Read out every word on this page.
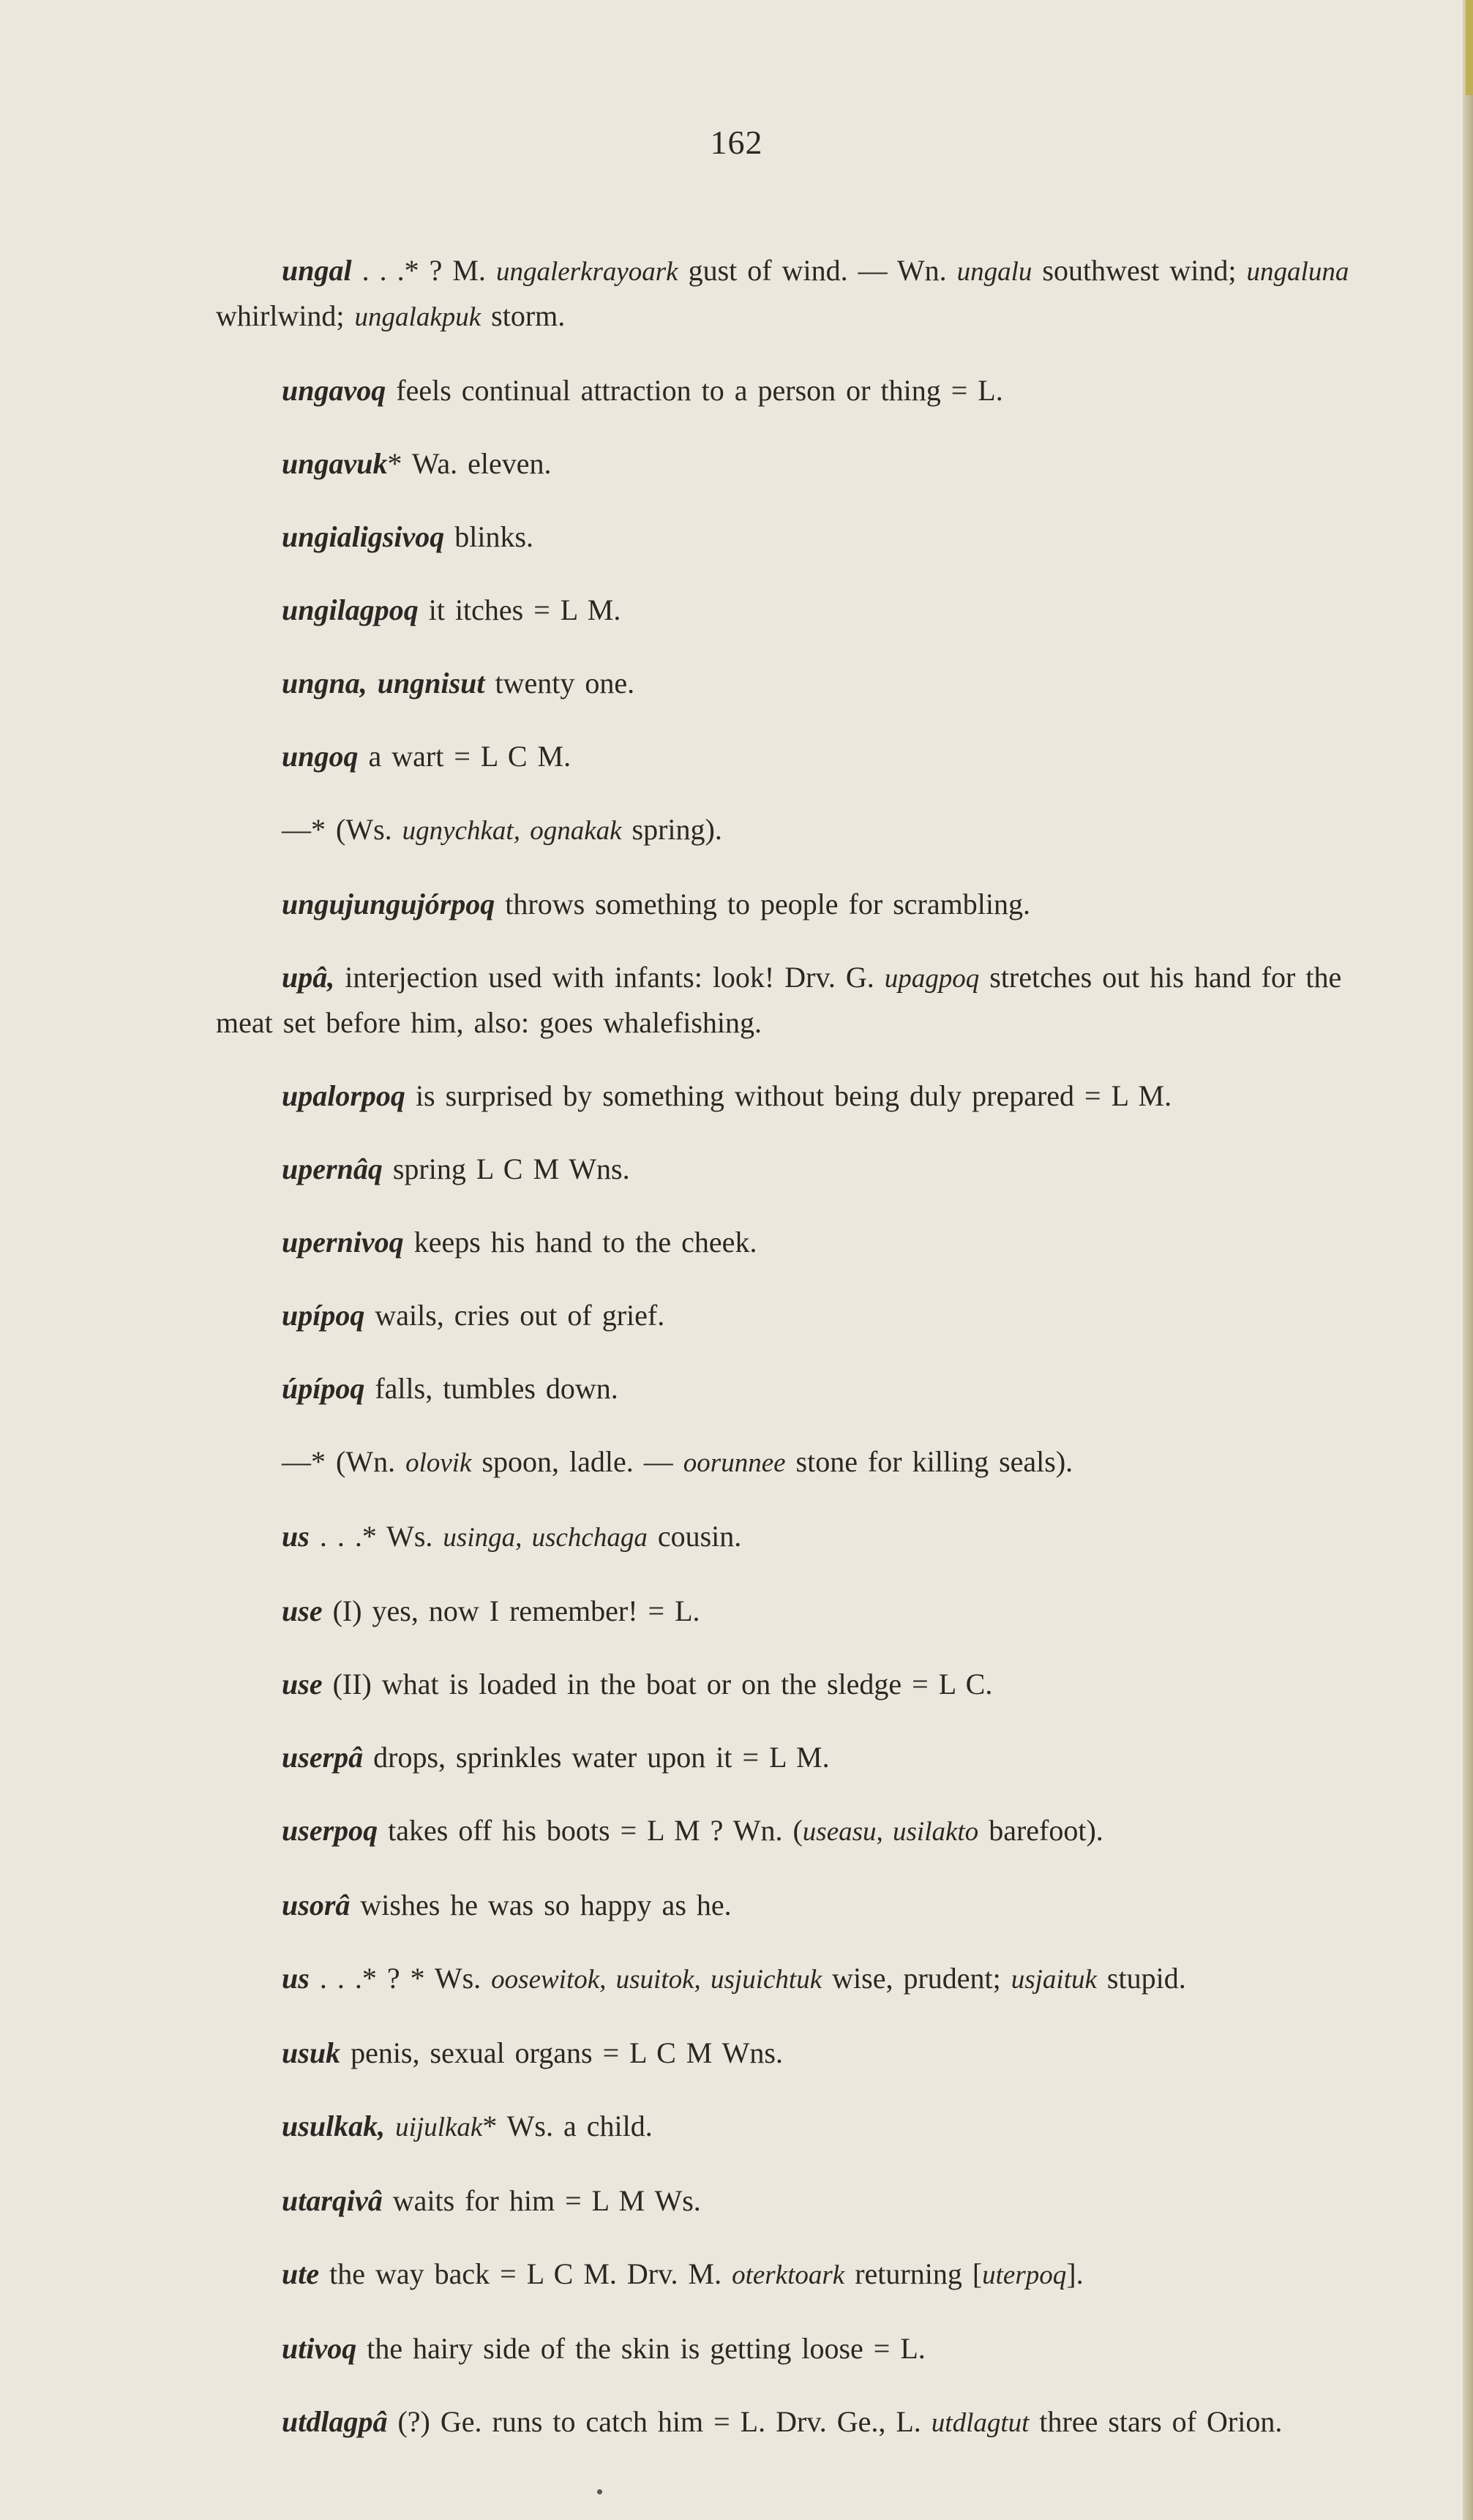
162

ungal . . .* ? M. ungalerkrayoark gust of wind. — Wn. ungalu southwest wind; ungaluna whirlwind; ungalakpuk storm.

ungavoq feels continual attraction to a person or thing = L.

ungavuk* Wa. eleven.

ungialigsivoq blinks.

ungilagpoq it itches = L M.

ungna, ungnisut twenty one.

ungoq a wart = L C M.

—* (Ws. ugnychkat, ognakak spring).

ungujungujórpoq throws something to people for scrambling.

upâ, interjection used with infants: look! Drv. G. upagpoq stretches out his hand for the meat set before him, also: goes whalefishing.

upalorpoq is surprised by something without being duly prepared = L M.

upernâq spring L C M Wns.

upernivoq keeps his hand to the cheek.

upípoq wails, cries out of grief.

úpípoq falls, tumbles down.

—* (Wn. olovik spoon, ladle. — oorunnee stone for killing seals).

us . . .* Ws. usinga, uschchaga cousin.

use (I) yes, now I remember! = L.

use (II) what is loaded in the boat or on the sledge = L C.

userpâ drops, sprinkles water upon it = L M.

userpoq takes off his boots = L M ? Wn. (useasu, usilakto barefoot).

usorâ wishes he was so happy as he.

us . . .* ? * Ws. oosewitok, usuitok, usjuichtuk wise, prudent; usjaituk stupid.

usuk penis, sexual organs = L C M Wns.

usulkak, uijulkak* Ws. a child.

utarqivâ waits for him = L M Ws.

ute the way back = L C M. Drv. M. oterktoark returning [uterpoq].

utivoq the hairy side of the skin is getting loose = L.

utdlagpâ (?) Ge. runs to catch him = L. Drv. Ge., L. utdlagtut three stars of Orion.
